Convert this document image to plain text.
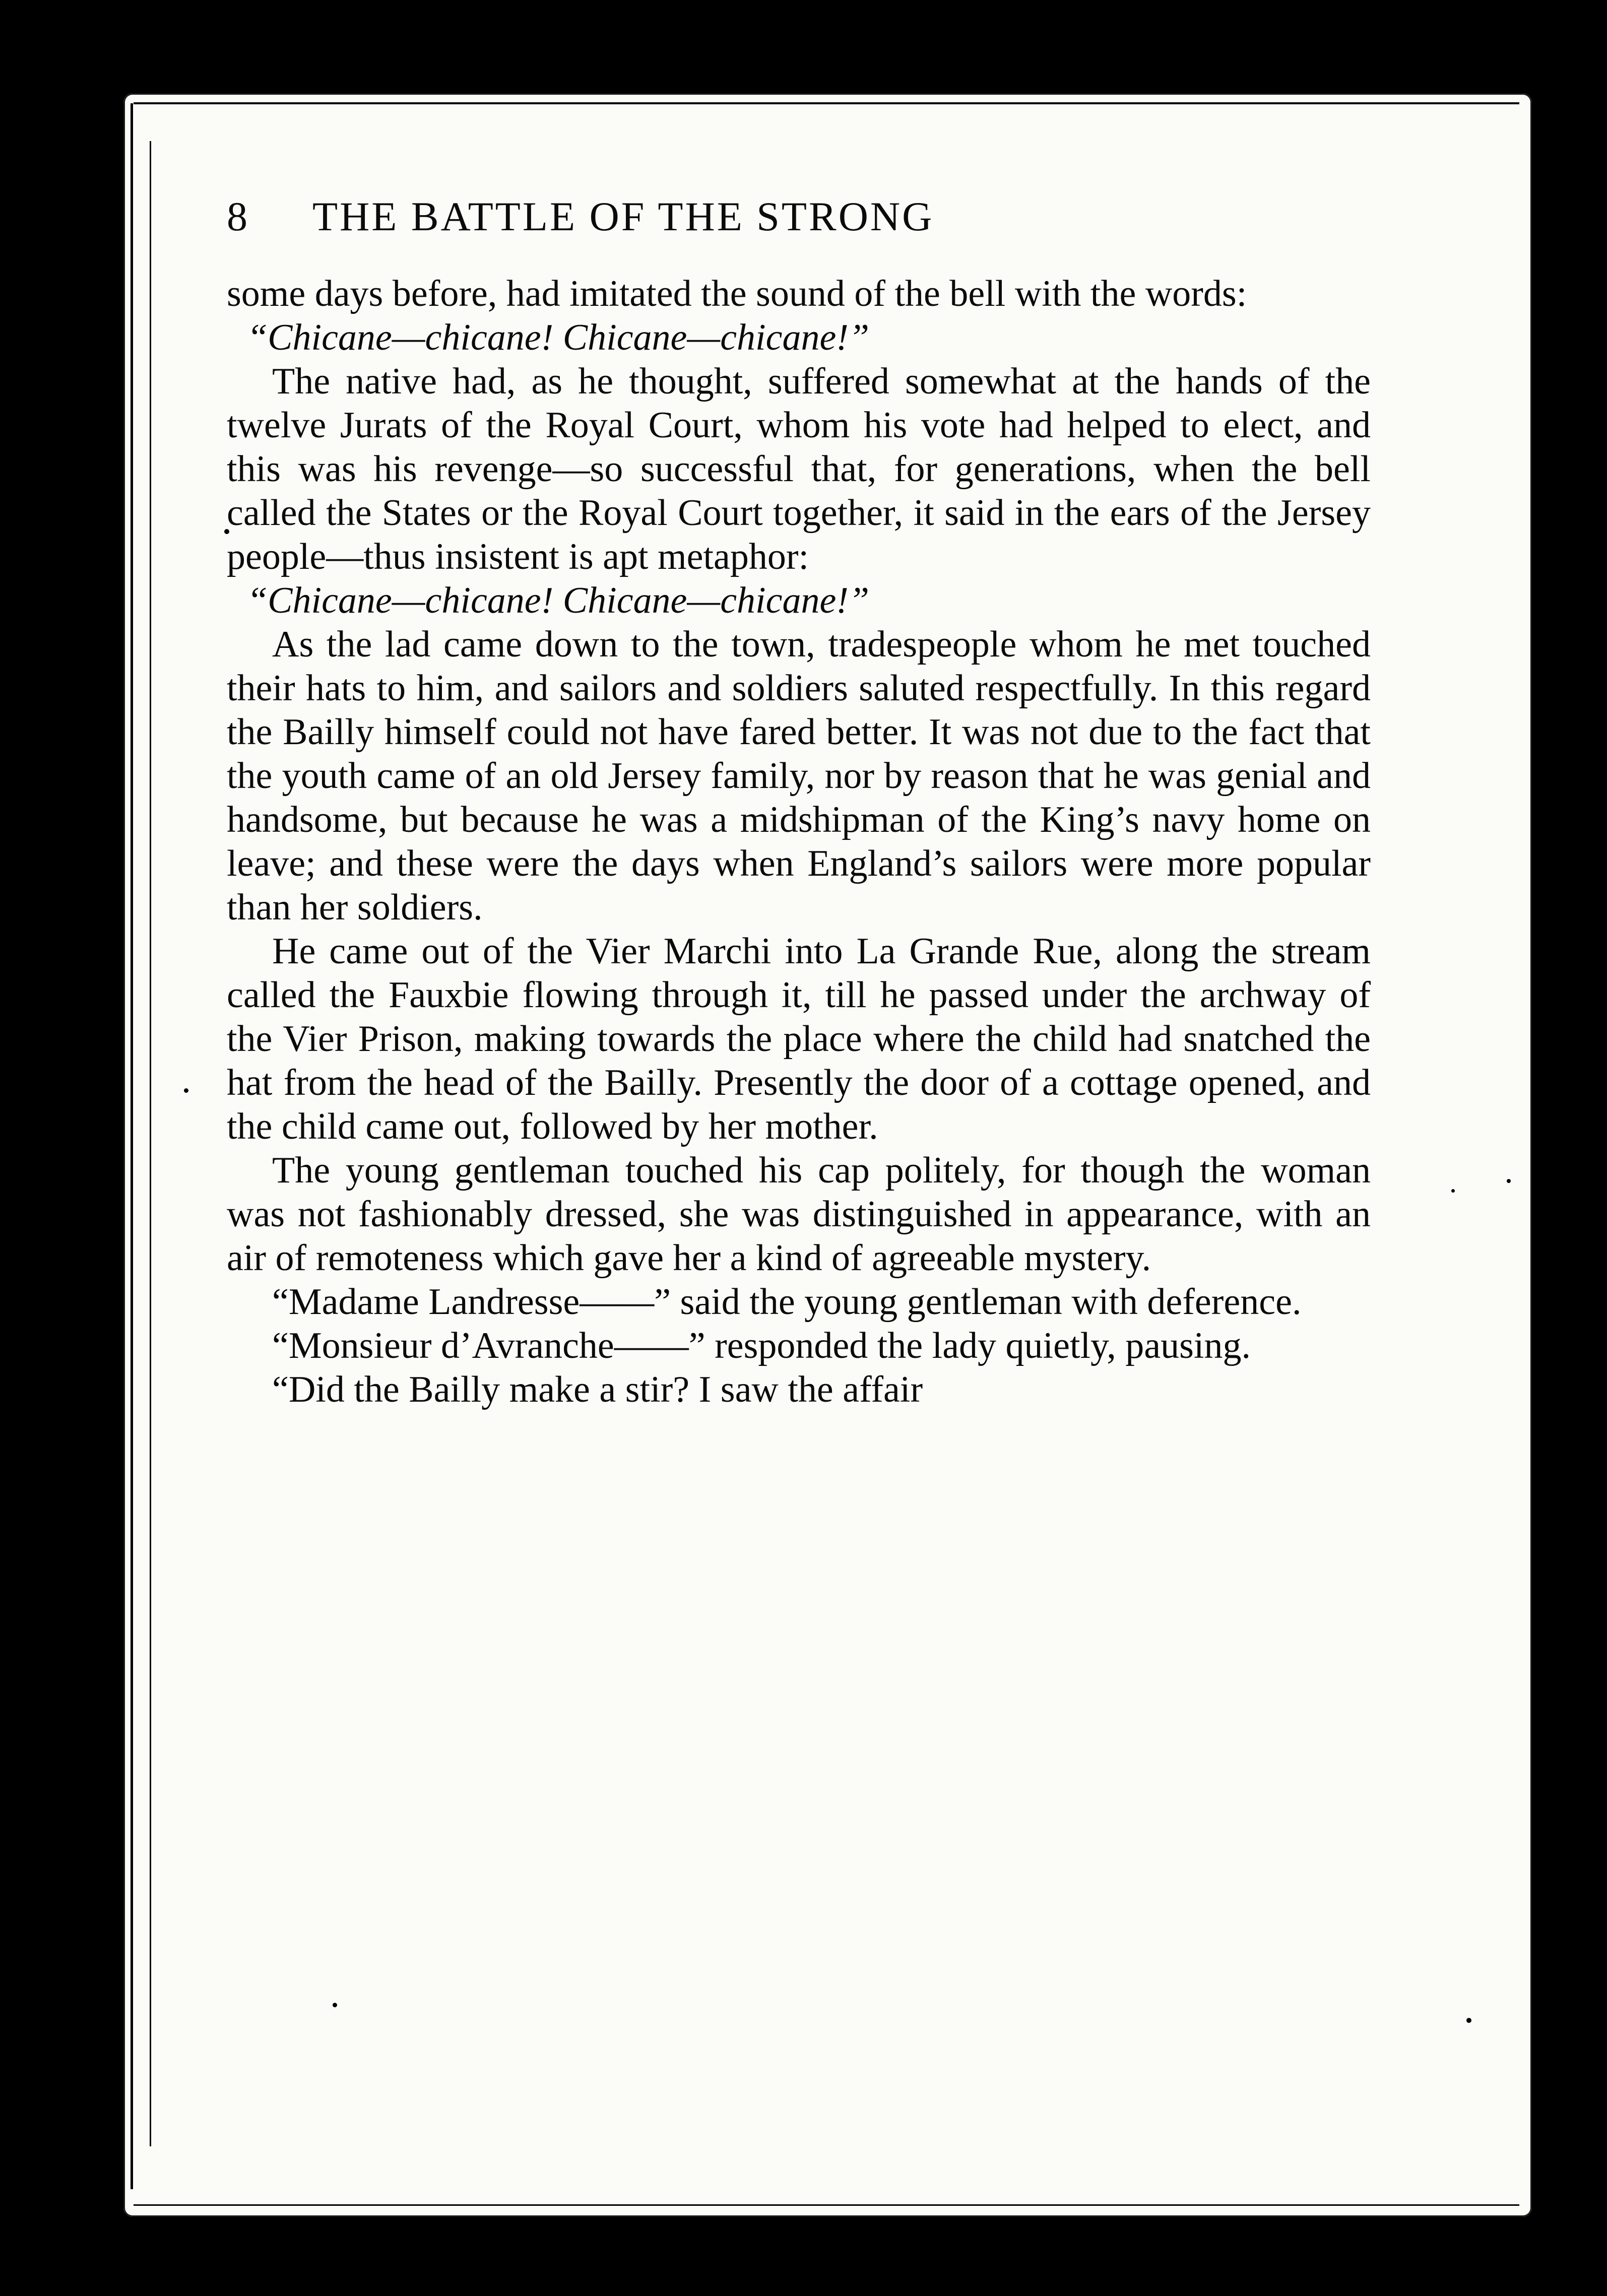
8	THE BATTLE OF THE STRONG

some days before, had imitated the sound of the bell with the words:

“Chicane—chicane! Chicane—chicane!”

The native had, as he thought, suffered somewhat at the hands of the twelve Jurats of the Royal Court, whom his vote had helped to elect, and this was his revenge—so successful that, for generations, when the bell called the States or the Royal Court together, it said in the ears of the Jersey people—thus insistent is apt metaphor:

“Chicane—chicane! Chicane—chicane!”

As the lad came down to the town, tradespeople whom he met touched their hats to him, and sailors and soldiers saluted respectfully. In this regard the Bailly himself could not have fared better. It was not due to the fact that the youth came of an old Jersey family, nor by reason that he was genial and handsome, but because he was a midshipman of the King’s navy home on leave; and these were the days when England’s sailors were more popular than her soldiers.

He came out of the Vier Marchi into La Grande Rue, along the stream called the Fauxbie flowing through it, till he passed under the archway of the Vier Prison, making towards the place where the child had snatched the hat from the head of the Bailly. Presently the door of a cottage opened, and the child came out, followed by her mother.

The young gentleman touched his cap politely, for though the woman was not fashionably dressed, she was distinguished in appearance, with an air of remoteness which gave her a kind of agreeable mystery.

“Madame Landresse——” said the young gentleman with deference.

“Monsieur d’Avranche——” responded the lady quietly, pausing.

“Did the Bailly make a stir? I saw the affair
